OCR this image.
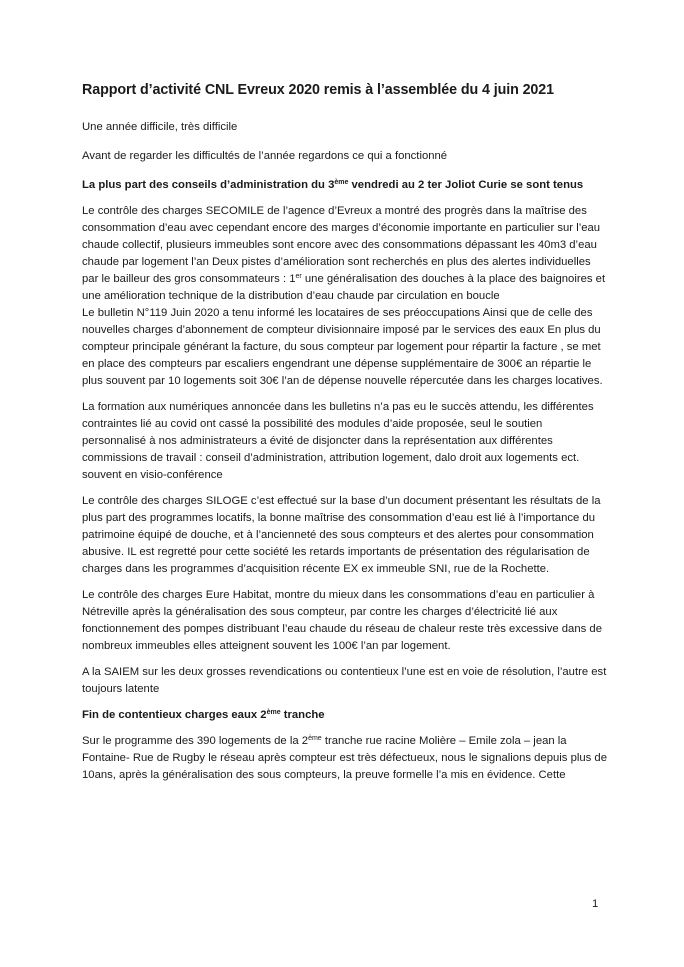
Rapport d’activité CNL Evreux 2020 remis à l’assemblée du 4 juin 2021

Une année difficile, très difficile

Avant de regarder les difficultés de l’année regardons ce qui a fonctionné

La plus part des conseils d’administration du 3ème vendredi au 2 ter Joliot Curie se sont tenus

Le contrôle des charges SECOMILE de l’agence d’Evreux a montré des progrès dans la maîtrise des consommation d’eau avec cependant encore des marges d’économie importante en particulier sur l’eau chaude collectif, plusieurs immeubles sont encore avec des consommations dépassant les 40m3 d’eau chaude par logement l’an Deux pistes d’amélioration sont recherchés en plus des alertes individuelles par le bailleur des gros consommateurs : 1er une généralisation des douches à la place des baignoires et une amélioration technique de la distribution d’eau chaude par circulation en boucle

Le bulletin N°119 Juin 2020 a tenu informé les locataires de ses préoccupations Ainsi que de celle des nouvelles charges d’abonnement de compteur divisionnaire imposé par le services des eaux En plus du compteur principale générant la facture, du sous compteur par logement pour répartir la facture , se met en place des compteurs par escaliers engendrant une dépense supplémentaire de 300€ an répartie le plus souvent par 10 logements soit 30€ l’an de dépense nouvelle répercutée dans les charges locatives.

La formation aux numériques annoncée dans les bulletins n’a pas eu le succès attendu, les différentes contraintes lié au covid ont cassé la possibilité des modules d’aide proposée, seul le soutien personnalisé à nos administrateurs a évité de disjoncter dans la représentation aux différentes commissions de travail : conseil d’administration, attribution logement, dalo droit aux logements ect. souvent en visio-conférence

Le contrôle des charges SILOGE c’est effectué sur la base d’un document présentant les résultats de la plus part des programmes locatifs, la bonne maîtrise des consommation d’eau est lié à l’importance du patrimoine équipé de douche, et à l’ancienneté des sous compteurs et des alertes pour consommation abusive. IL est regretté pour cette société les retards importants de présentation des régularisation de charges dans les programmes d’acquisition récente EX ex immeuble SNI, rue de la Rochette.

Le contrôle des charges Eure Habitat, montre du mieux dans les consommations d’eau en particulier à Nétreville après la généralisation des sous compteur, par contre les charges d’électricité lié aux fonctionnement des pompes distribuant l’eau chaude du réseau de chaleur reste très excessive dans de nombreux immeubles elles atteignent souvent les 100€ l’an par logement.

A la SAIEM sur les deux grosses revendications ou contentieux l’une est en voie de résolution, l’autre est toujours latente

Fin de contentieux charges eaux 2ème tranche

Sur le programme des 390 logements de la 2ème tranche rue racine Molière – Emile zola – jean la Fontaine- Rue de Rugby le réseau après compteur est très défectueux, nous le signalions depuis plus de 10ans, après la généralisation des sous compteurs, la preuve formelle l’a mis en évidence. Cette

1
